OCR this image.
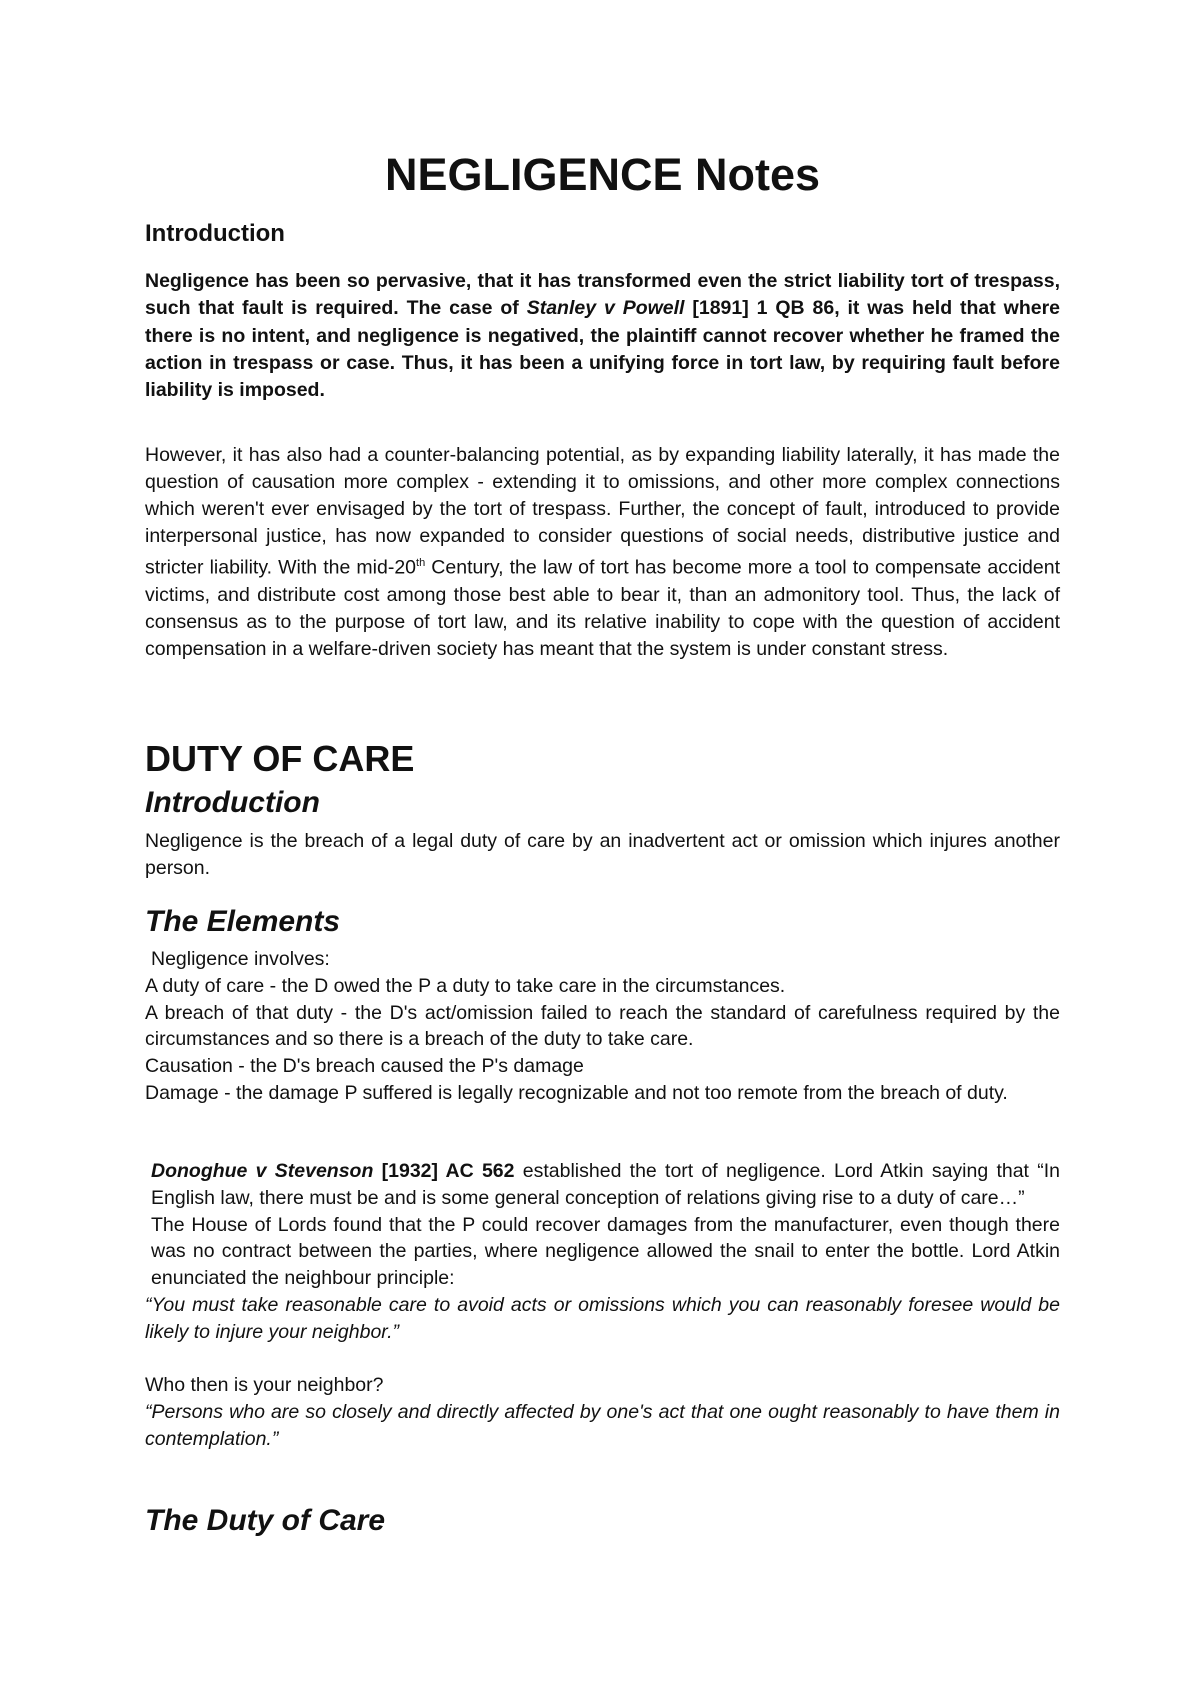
NEGLIGENCE Notes
Introduction

Negligence has been so pervasive, that it has transformed even the strict liability tort of trespass, such that fault is required. The case of Stanley v Powell [1891] 1 QB 86, it was held that where there is no intent, and negligence is negatived, the plaintiff cannot recover whether he framed the action in trespass or case. Thus, it has been a unifying force in tort law, by requiring fault before liability is imposed.

However, it has also had a counter-balancing potential, as by expanding liability laterally, it has made the question of causation more complex - extending it to omissions, and other more complex connections which weren't ever envisaged by the tort of trespass. Further, the concept of fault, introduced to provide interpersonal justice, has now expanded to consider questions of social needs, distributive justice and stricter liability. With the mid-20th Century, the law of tort has become more a tool to compensate accident victims, and distribute cost among those best able to bear it, than an admonitory tool. Thus, the lack of consensus as to the purpose of tort law, and its relative inability to cope with the question of accident compensation in a welfare-driven society has meant that the system is under constant stress.

DUTY OF CARE
Introduction

Negligence is the breach of a legal duty of care by an inadvertent act or omission which injures another person.

The Elements
Negligence involves:
A duty of care - the D owed the P a duty to take care in the circumstances.
A breach of that duty - the D's act/omission failed to reach the standard of carefulness required by the circumstances and so there is a breach of the duty to take care.
Causation - the D's breach caused the P's damage
Damage - the damage P suffered is legally recognizable and not too remote from the breach of duty.
Donoghue v Stevenson [1932] AC 562 established the tort of negligence. Lord Atkin saying that “In English law, there must be and is some general conception of relations giving rise to a duty of care…”
The House of Lords found that the P could recover damages from the manufacturer, even though there was no contract between the parties, where negligence allowed the snail to enter the bottle. Lord Atkin enunciated the neighbour principle:
“You must take reasonable care to avoid acts or omissions which you can reasonably foresee would be likely to injure your neighbor.”
Who then is your neighbor?
“Persons who are so closely and directly affected by one's act that one ought reasonably to have them in contemplation.”
The Duty of Care
